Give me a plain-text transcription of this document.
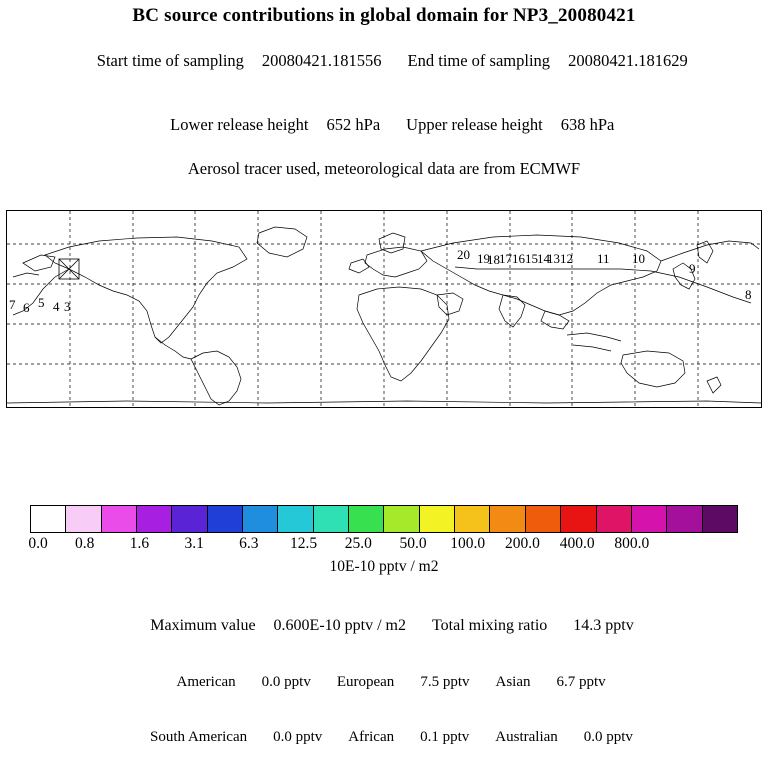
BC source contributions in global domain for NP3_20080421

Start time of sampling 20080421.181556 End time of sampling 20080421.181629

Lower release height 652 hPa Upper release height 638 hPa

Aerosol tracer used, meteorological data are from ECMWF
20 19
18 17 16 15 14
13 12 11 10
9
8
7 6 5 4 3
0.0 0.8 1.6 3.1 6.3 12.5 25.0 50.0 100.0 200.0 400.0 800.0
10E-10 pptv / m2

Maximum value 0.600E-10 pptv / m2 Total mixing ratio 14.3 pptv

American 0.0 pptv European 7.5 pptv Asian 6.7 pptv

South American 0.0 pptv African 0.1 pptv Australian 0.0 pptv
